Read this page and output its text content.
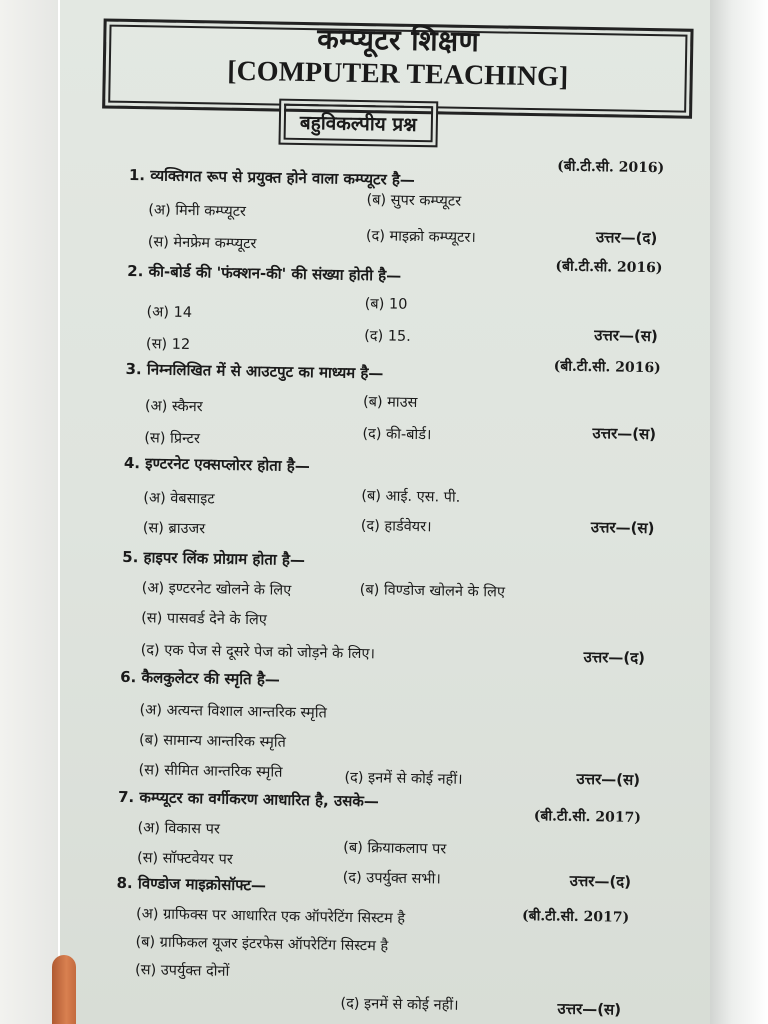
कम्प्यूटर शिक्षण
[COMPUTER TEACHING]
बहुविकल्पीय प्रश्न
1. व्यक्तिगत रूप से प्रयुक्त होने वाला कम्प्यूटर है—	(बी.टी.सी. 2016)
(अ) मिनी कम्प्यूटर
(ब) सुपर कम्प्यूटर
(स) मेनफ्रेम कम्प्यूटर	(द) माइक्रो कम्प्यूटर।	उत्तर—(द)
2. की-बोर्ड की 'फंक्शन-की' की संख्या होती है—	(बी.टी.सी. 2016)
(अ) 14	(ब) 10
(स) 12	(द) 15.	उत्तर—(स)
3. निम्नलिखित में से आउटपुट का माध्यम है—	(बी.टी.सी. 2016)
(अ) स्कैनर	(ब) माउस
(स) प्रिन्टर	(द) की-बोर्ड।	उत्तर—(स)
4. इण्टरनेट एक्सप्लोरर होता है—
(अ) वेबसाइट	(ब) आई. एस. पी.
(स) ब्राउजर	(द) हार्डवेयर।	उत्तर—(स)
5. हाइपर लिंक प्रोग्राम होता है—
(अ) इण्टरनेट खोलने के लिए	(ब) विण्डोज खोलने के लिए
(स) पासवर्ड देने के लिए
(द) एक पेज से दूसरे पेज को जोड़ने के लिए।	उत्तर—(द)
6. कैलकुलेटर की स्मृति है—
(अ) अत्यन्त विशाल आन्तरिक स्मृति
(ब) सामान्य आन्तरिक स्मृति
(स) सीमित आन्तरिक स्मृति	(द) इनमें से कोई नहीं।	उत्तर—(स)
7. कम्प्यूटर का वर्गीकरण आधारित है, उसके—
(बी.टी.सी. 2017)
(अ) विकास पर
(ब) क्रियाकलाप पर
(स) सॉफ्टवेयर पर
(द) उपर्युक्त सभी।	उत्तर—(द)
8. विण्डोज माइक्रोसॉफ्ट—
(बी.टी.सी. 2017)
(अ) ग्राफिक्स पर आधारित एक ऑपरेटिंग सिस्टम है
(ब) ग्राफिकल यूजर इंटरफेस ऑपरेटिंग सिस्टम है
(स) उपर्युक्त दोनों
(द) इनमें से कोई नहीं।	उत्तर—(स)
